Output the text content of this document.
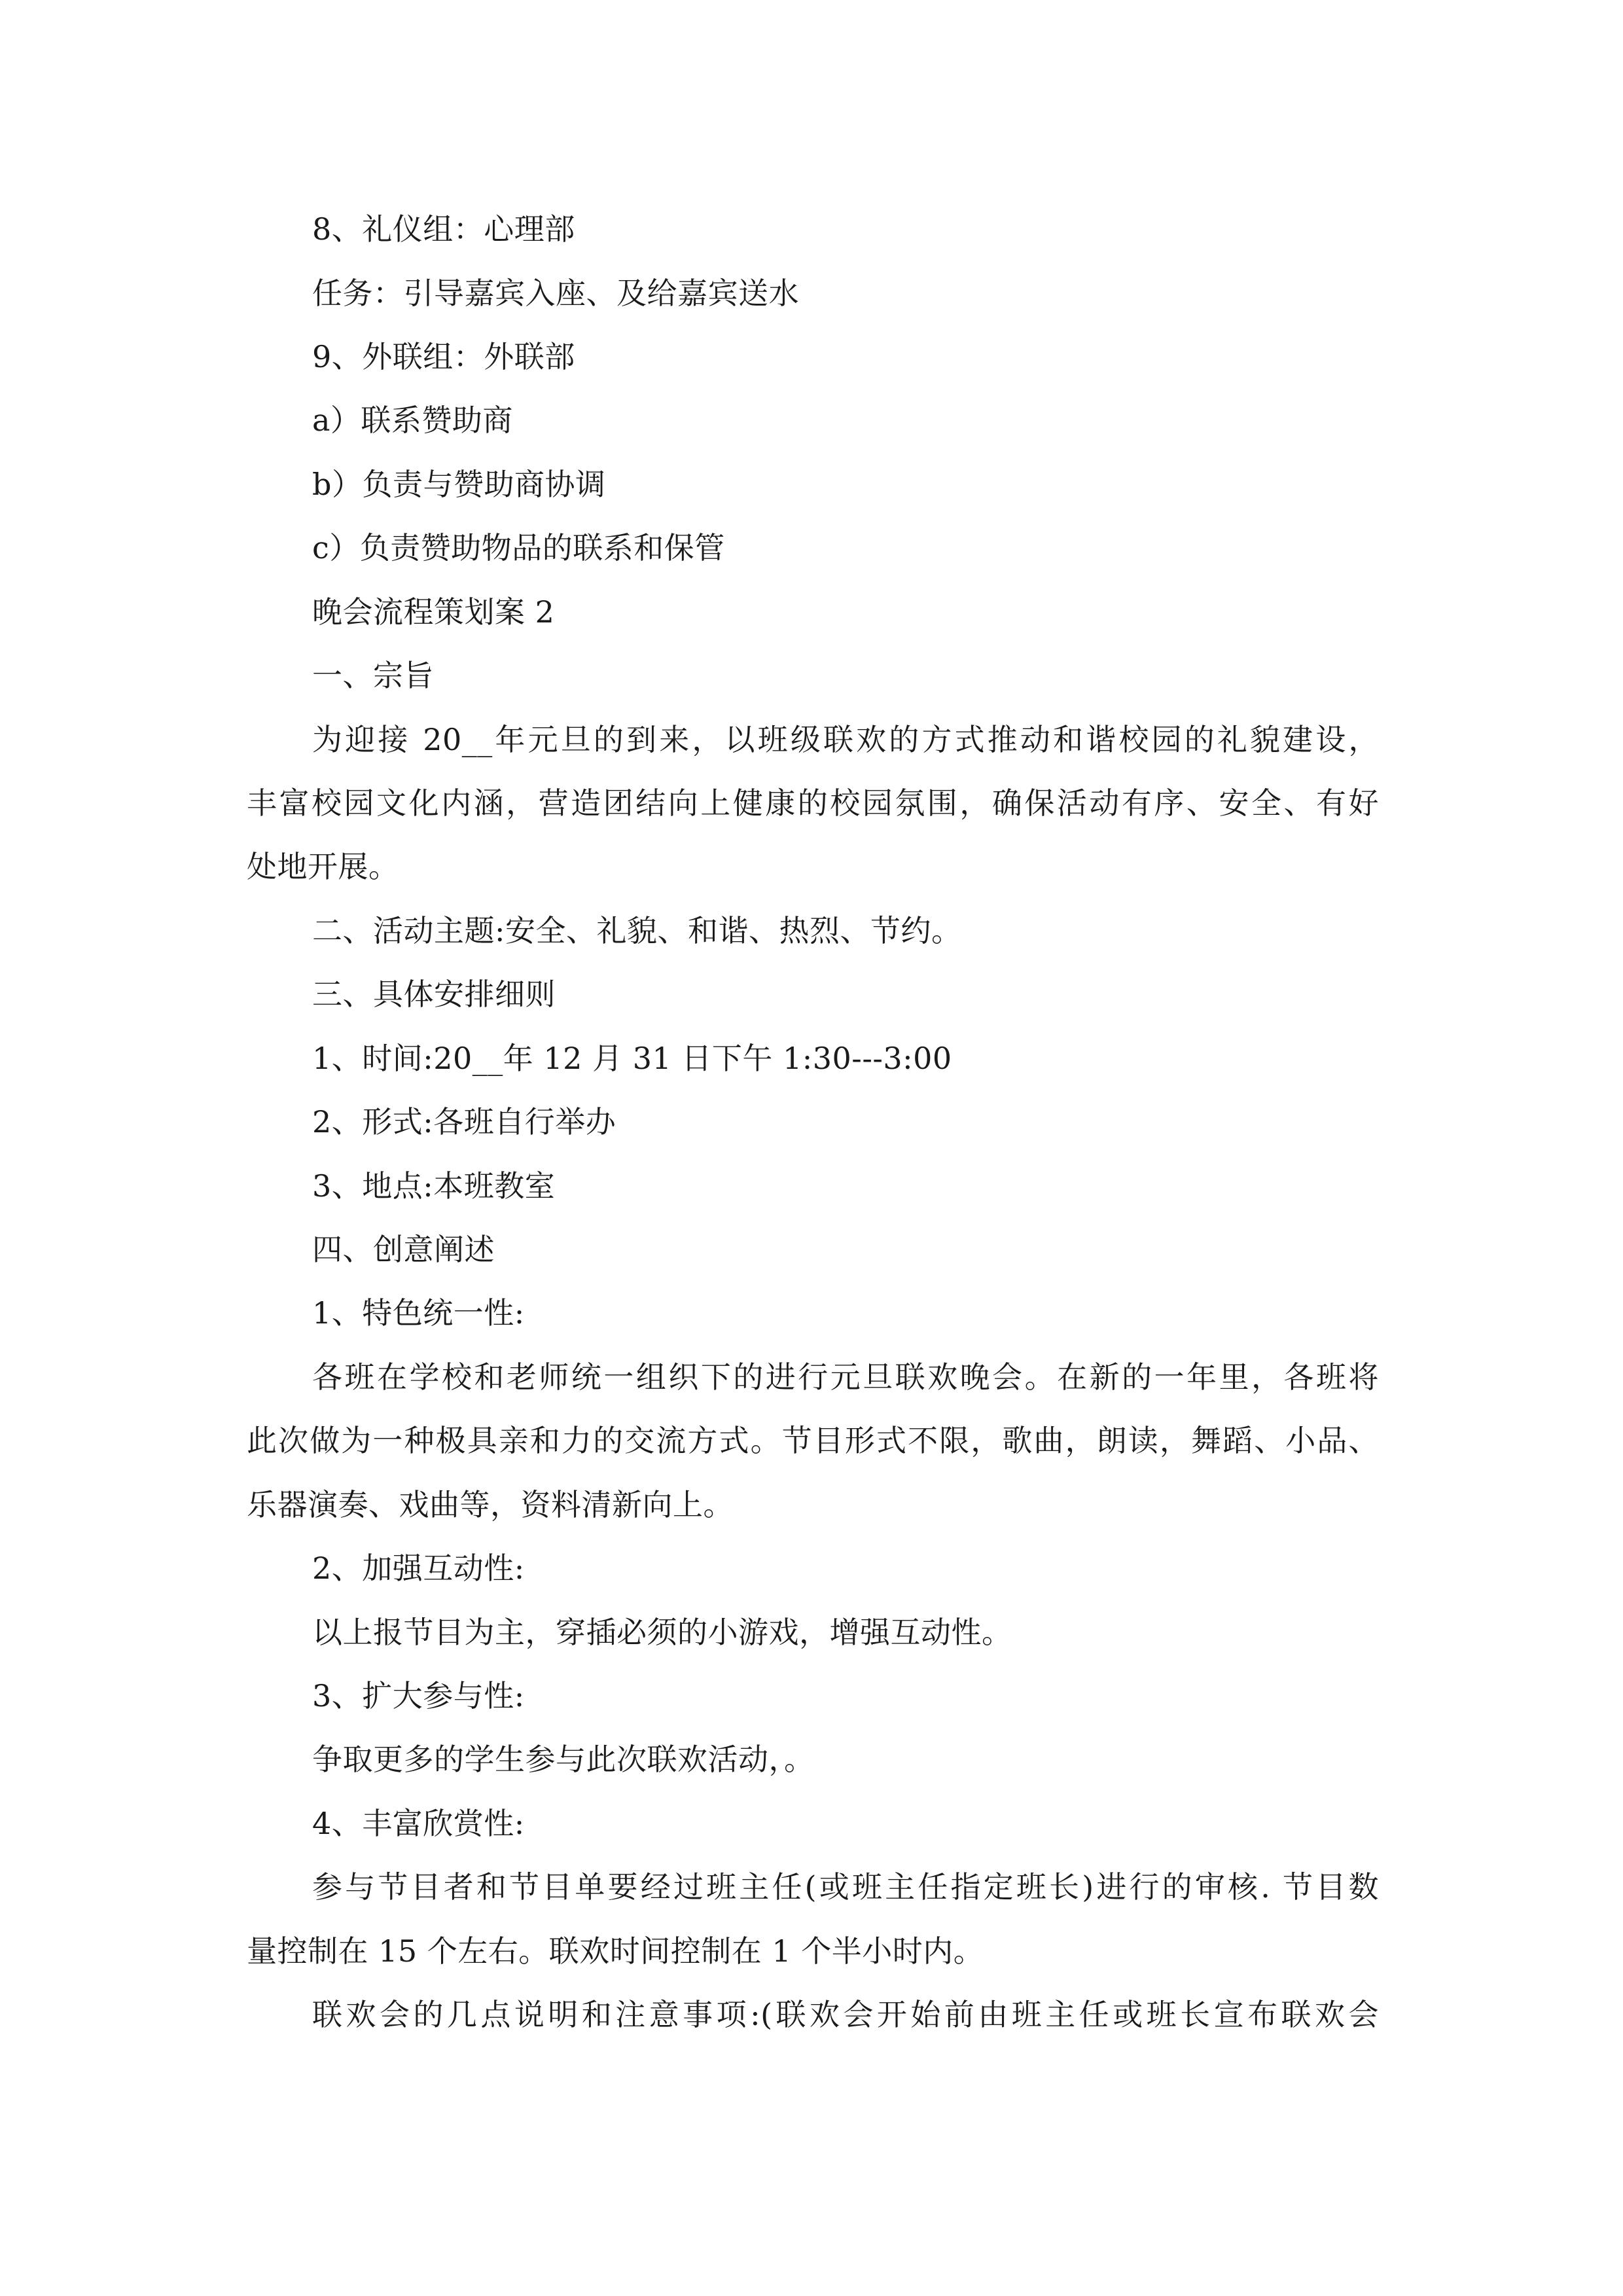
8、礼仪组：心理部
任务：引导嘉宾入座、及给嘉宾送水
9、外联组：外联部
a）联系赞助商
b）负责与赞助商协调
c）负责赞助物品的联系和保管
晚会流程策划案 2
一、宗旨
为迎接 20__年元旦的到来，以班级联欢的方式推动和谐校园的礼貌建设，
丰富校园文化内涵，营造团结向上健康的校园氛围，确保活动有序、安全、有好
处地开展。
二、活动主题:安全、礼貌、和谐、热烈、节约。
三、具体安排细则
1、时间:20__年 12 月 31 日下午 1:30---3:00
2、形式:各班自行举办
3、地点:本班教室
四、创意阐述
1、特色统一性:
各班在学校和老师统一组织下的进行元旦联欢晚会。在新的一年里，各班将
此次做为一种极具亲和力的交流方式。节目形式不限，歌曲，朗读，舞蹈、小品、
乐器演奏、戏曲等，资料清新向上。
2、加强互动性:
以上报节目为主，穿插必须的小游戏，增强互动性。
3、扩大参与性:
争取更多的学生参与此次联欢活动，。
4、丰富欣赏性:
参与节目者和节目单要经过班主任(或班主任指定班长)进行的审核. 节目数
量控制在 15 个左右。联欢时间控制在 1 个半小时内。
联欢会的几点说明和注意事项:(联欢会开始前由班主任或班长宣布联欢会
